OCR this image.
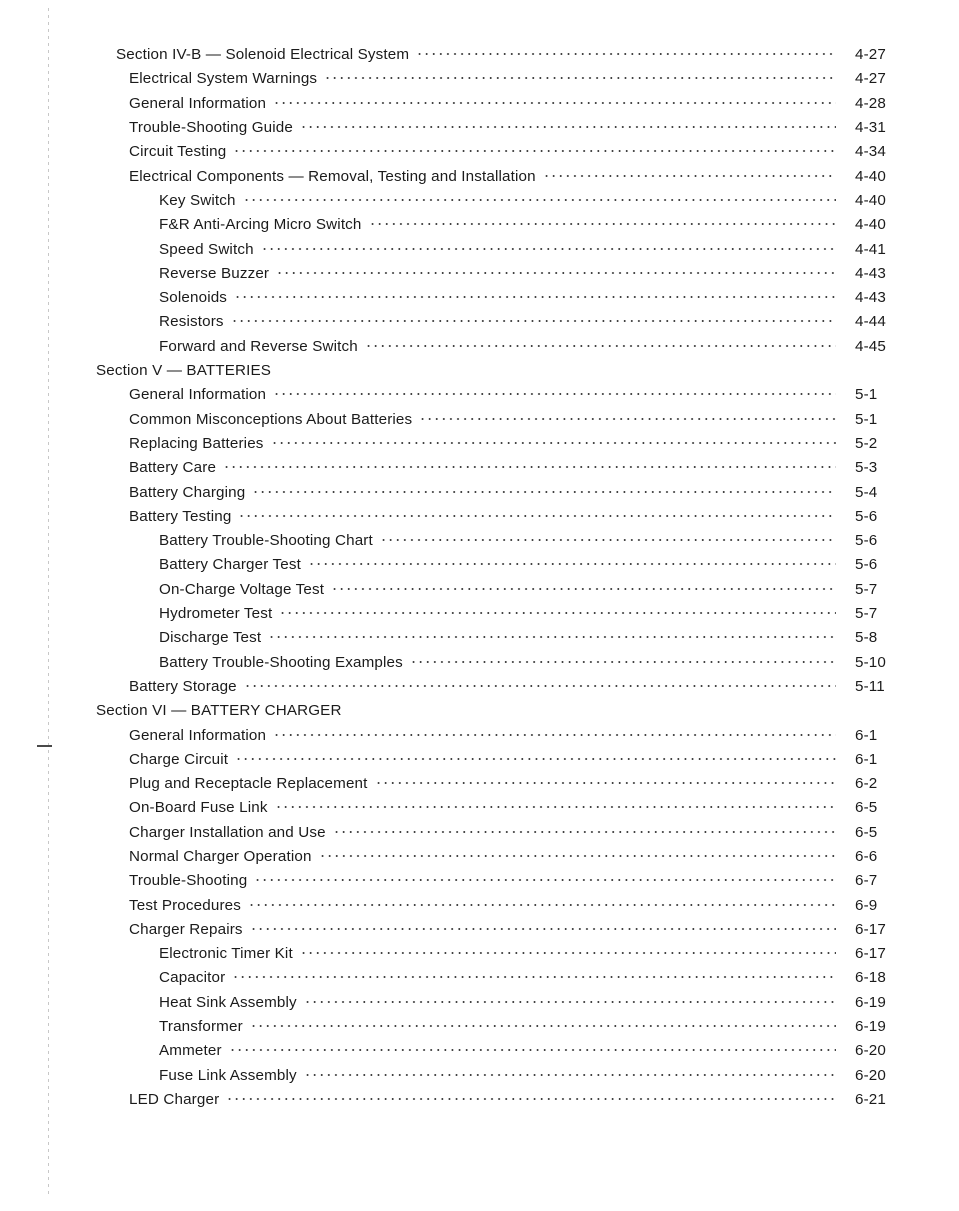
Section IV-B — Solenoid Electrical System	4-27
Electrical System Warnings	4-27
General Information	4-28
Trouble-Shooting Guide	4-31
Circuit Testing	4-34
Electrical Components — Removal, Testing and Installation	4-40
Key Switch	4-40
F&R Anti-Arcing Micro Switch	4-40
Speed Switch	4-41
Reverse Buzzer	4-43
Solenoids	4-43
Resistors	4-44
Forward and Reverse Switch	4-45
Section V — BATTERIES
General Information	5-1
Common Misconceptions About Batteries	5-1
Replacing Batteries	5-2
Battery Care	5-3
Battery Charging	5-4
Battery Testing	5-6
Battery Trouble-Shooting Chart	5-6
Battery Charger Test	5-6
On-Charge Voltage Test	5-7
Hydrometer Test	5-7
Discharge Test	5-8
Battery Trouble-Shooting Examples	5-10
Battery Storage	5-11
Section VI — BATTERY CHARGER
General Information	6-1
Charge Circuit	6-1
Plug and Receptacle Replacement	6-2
On-Board Fuse Link	6-5
Charger Installation and Use	6-5
Normal Charger Operation	6-6
Trouble-Shooting	6-7
Test Procedures	6-9
Charger Repairs	6-17
Electronic Timer Kit	6-17
Capacitor	6-18
Heat Sink Assembly	6-19
Transformer	6-19
Ammeter	6-20
Fuse Link Assembly	6-20
LED Charger	6-21
